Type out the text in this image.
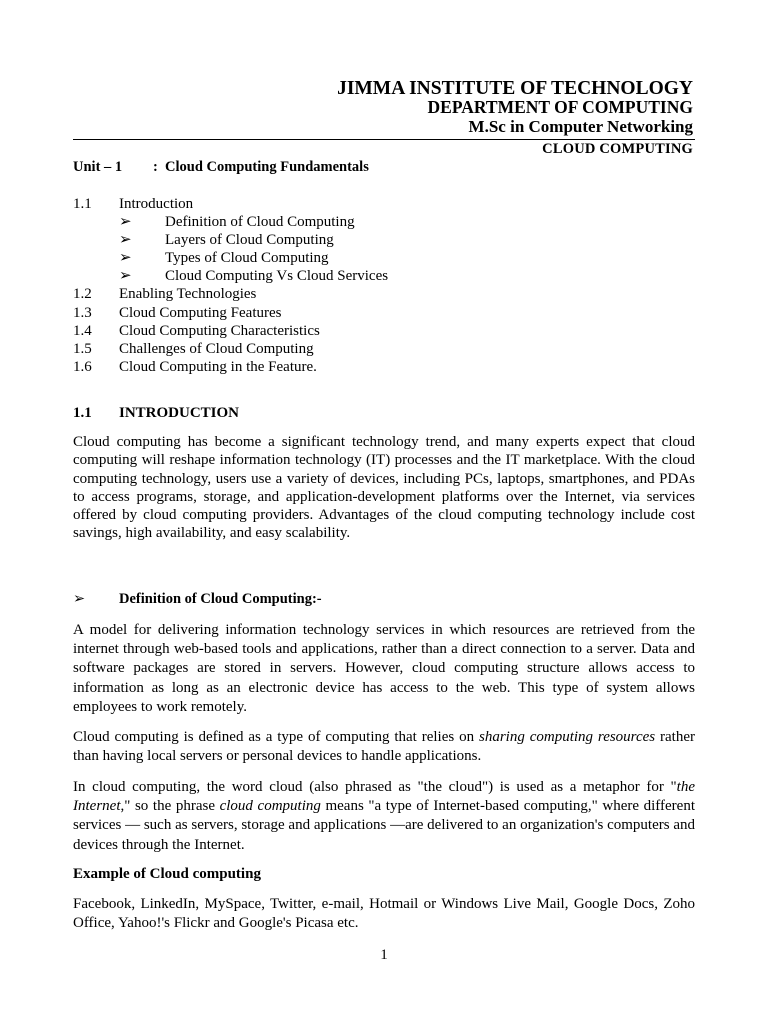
JIMMA INSTITUTE OF TECHNOLOGY
DEPARTMENT OF COMPUTING
M.Sc in Computer Networking
CLOUD COMPUTING
Unit – 1 : Cloud Computing Fundamentals
1.1	Introduction
➢	Definition of Cloud Computing
➢	Layers of Cloud Computing
➢	Types of Cloud Computing
➢	Cloud Computing Vs Cloud Services
1.2	Enabling Technologies
1.3	Cloud Computing Features
1.4	Cloud Computing Characteristics
1.5	Challenges of Cloud Computing
1.6	Cloud Computing in the Feature.
1.1 INTRODUCTION

Cloud computing has become a significant technology trend, and many experts expect that cloud computing will reshape information technology (IT) processes and the IT marketplace. With the cloud computing technology, users use a variety of devices, including PCs, laptops, smartphones, and PDAs to access programs, storage, and application-development platforms over the Internet, via services offered by cloud computing providers. Advantages of the cloud computing technology include cost savings, high availability, and easy scalability.

➢ Definition of Cloud Computing:-

A model for delivering information technology services in which resources are retrieved from the internet through web-based tools and applications, rather than a direct connection to a server. Data and software packages are stored in servers. However, cloud computing structure allows access to information as long as an electronic device has access to the web. This type of system allows employees to work remotely.

Cloud computing is defined as a type of computing that relies on sharing computing resources rather than having local servers or personal devices to handle applications.

In cloud computing, the word cloud (also phrased as "the cloud") is used as a metaphor for "the Internet," so the phrase cloud computing means "a type of Internet-based computing," where different services — such as servers, storage and applications —are delivered to an organization's computers and devices through the Internet.

Example of Cloud computing

Facebook, LinkedIn, MySpace, Twitter, e-mail, Hotmail or Windows Live Mail, Google Docs, Zoho Office, Yahoo!'s Flickr and Google's Picasa etc.

1
